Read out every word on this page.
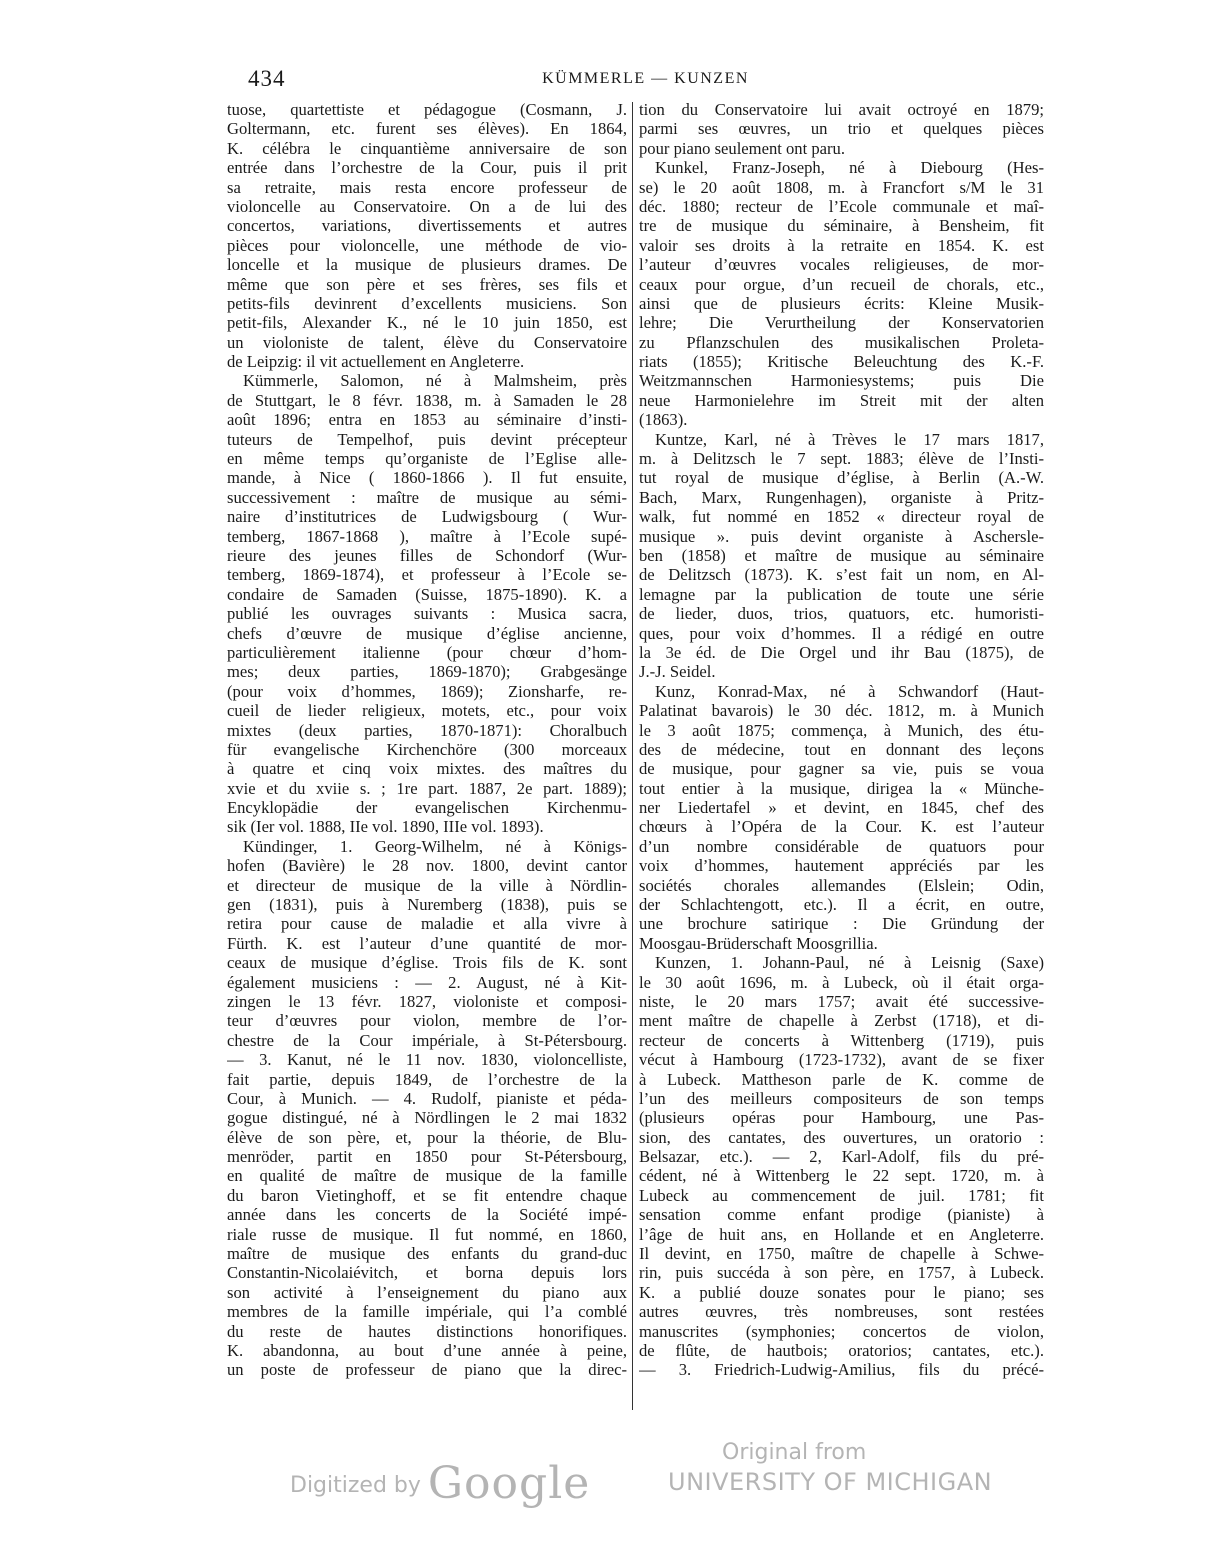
434	KÜMMERLE — KUNZEN
tuose, quartettiste et pédagogue (Cosmann, J.
Goltermann, etc. furent ses élèves). En 1864,
K. célébra le cinquantième anniversaire de son
entrée dans l’orchestre de la Cour, puis il prit
sa retraite, mais resta encore professeur de
violoncelle au Conservatoire. On a de lui des
concertos, variations, divertissements et autres
pièces pour violoncelle, une méthode de vio-
loncelle et la musique de plusieurs drames. De
même que son père et ses frères, ses fils et
petits-fils devinrent d’excellents musiciens. Son
petit-fils, Alexander K., né le 10 juin 1850, est
un violoniste de talent, élève du Conservatoire
de Leipzig: il vit actuellement en Angleterre.
Kümmerle, Salomon, né à Malmsheim, près
de Stuttgart, le 8 févr. 1838, m. à Samaden le 28
août 1896; entra en 1853 au séminaire d’insti-
tuteurs de Tempelhof, puis devint précepteur
en même temps qu’organiste de l’Eglise alle-
mande, à Nice ( 1860-1866 ). Il fut ensuite,
successivement : maître de musique au sémi-
naire d’institutrices de Ludwigsbourg ( Wur-
temberg, 1867-1868 ), maître à l’Ecole supé-
rieure des jeunes filles de Schondorf (Wur-
temberg, 1869-1874), et professeur à l’Ecole se-
condaire de Samaden (Suisse, 1875-1890). K. a
publié les ouvrages suivants : Musica sacra,
chefs d’œuvre de musique d’église ancienne,
particulièrement italienne (pour chœur d’hom-
mes; deux parties, 1869-1870); Grabgesänge
(pour voix d’hommes, 1869); Zionsharfe, re-
cueil de lieder religieux, motets, etc., pour voix
mixtes (deux parties, 1870-1871): Choralbuch
für evangelische Kirchenchöre (300 morceaux
à quatre et cinq voix mixtes. des maîtres du
xvie et du xviie s. ; 1re part. 1887, 2e part. 1889);
Encyklopädie der evangelischen Kirchenmu-
sik (Ier vol. 1888, IIe vol. 1890, IIIe vol. 1893).
Kündinger, 1. Georg-Wilhelm, né à Königs-
hofen (Bavière) le 28 nov. 1800, devint cantor
et directeur de musique de la ville à Nördlin-
gen (1831), puis à Nuremberg (1838), puis se
retira pour cause de maladie et alla vivre à
Fürth. K. est l’auteur d’une quantité de mor-
ceaux de musique d’église. Trois fils de K. sont
également musiciens : — 2. August, né à Kit-
zingen le 13 févr. 1827, violoniste et composi-
teur d’œuvres pour violon, membre de l’or-
chestre de la Cour impériale, à St-Pétersbourg.
— 3. Kanut, né le 11 nov. 1830, violoncelliste,
fait partie, depuis 1849, de l’orchestre de la
Cour, à Munich. — 4. Rudolf, pianiste et péda-
gogue distingué, né à Nördlingen le 2 mai 1832
élève de son père, et, pour la théorie, de Blu-
menröder, partit en 1850 pour St-Pétersbourg,
en qualité de maître de musique de la famille
du baron Vietinghoff, et se fit entendre chaque
année dans les concerts de la Société impé-
riale russe de musique. Il fut nommé, en 1860,
maître de musique des enfants du grand-duc
Constantin-Nicolaiévitch, et borna depuis lors
son activité à l’enseignement du piano aux
membres de la famille impériale, qui l’a comblé
du reste de hautes distinctions honorifiques.
K. abandonna, au bout d’une année à peine,
un poste de professeur de piano que la direc-
tion du Conservatoire lui avait octroyé en 1879;
parmi ses œuvres, un trio et quelques pièces
pour piano seulement ont paru.
Kunkel, Franz-Joseph, né à Diebourg (Hes-
se) le 20 août 1808, m. à Francfort s/M le 31
déc. 1880; recteur de l’Ecole communale et maî-
tre de musique du séminaire, à Bensheim, fit
valoir ses droits à la retraite en 1854. K. est
l’auteur d’œuvres vocales religieuses, de mor-
ceaux pour orgue, d’un recueil de chorals, etc.,
ainsi que de plusieurs écrits: Kleine Musik-
lehre; Die Verurtheilung der Konservatorien
zu Pflanzschulen des musikalischen Proleta-
riats (1855); Kritische Beleuchtung des K.-F.
Weitzmannschen Harmoniesystems; puis Die
neue Harmonielehre im Streit mit der alten
(1863).
Kuntze, Karl, né à Trèves le 17 mars 1817,
m. à Delitzsch le 7 sept. 1883; élève de l’Insti-
tut royal de musique d’église, à Berlin (A.-W.
Bach, Marx, Rungenhagen), organiste à Pritz-
walk, fut nommé en 1852 « directeur royal de
musique ». puis devint organiste à Aschersle-
ben (1858) et maître de musique au séminaire
de Delitzsch (1873). K. s’est fait un nom, en Al-
lemagne par la publication de toute une série
de lieder, duos, trios, quatuors, etc. humoristi-
ques, pour voix d’hommes. Il a rédigé en outre
la 3e éd. de Die Orgel und ihr Bau (1875), de
J.-J. Seidel.
Kunz, Konrad-Max, né à Schwandorf (Haut-
Palatinat bavarois) le 30 déc. 1812, m. à Munich
le 3 août 1875; commença, à Munich, des étu-
des de médecine, tout en donnant des leçons
de musique, pour gagner sa vie, puis se voua
tout entier à la musique, dirigea la « Münche-
ner Liedertafel » et devint, en 1845, chef des
chœurs à l’Opéra de la Cour. K. est l’auteur
d’un nombre considérable de quatuors pour
voix d’hommes, hautement appréciés par les
sociétés chorales allemandes (Elslein; Odin,
der Schlachtengott, etc.). Il a écrit, en outre,
une brochure satirique : Die Gründung der
Moosgau-Brüderschaft Moosgrillia.
Kunzen, 1. Johann-Paul, né à Leisnig (Saxe)
le 30 août 1696, m. à Lubeck, où il était orga-
niste, le 20 mars 1757; avait été successive-
ment maître de chapelle à Zerbst (1718), et di-
recteur de concerts à Wittenberg (1719), puis
vécut à Hambourg (1723-1732), avant de se fixer
à Lubeck. Mattheson parle de K. comme de
l’un des meilleurs compositeurs de son temps
(plusieurs opéras pour Hambourg, une Pas-
sion, des cantates, des ouvertures, un oratorio :
Belsazar, etc.). — 2, Karl-Adolf, fils du pré-
cédent, né à Wittenberg le 22 sept. 1720, m. à
Lubeck au commencement de juil. 1781; fit
sensation comme enfant prodige (pianiste) à
l’âge de huit ans, en Hollande et en Angleterre.
Il devint, en 1750, maître de chapelle à Schwe-
rin, puis succéda à son père, en 1757, à Lubeck.
K. a publié douze sonates pour le piano; ses
autres œuvres, très nombreuses, sont restées
manuscrites (symphonies; concertos de violon,
de flûte, de hautbois; oratorios; cantates, etc.).
— 3. Friedrich-Ludwig-Amilius, fils du précé-
Digitized by Google
Original from
UNIVERSITY OF MICHIGAN
